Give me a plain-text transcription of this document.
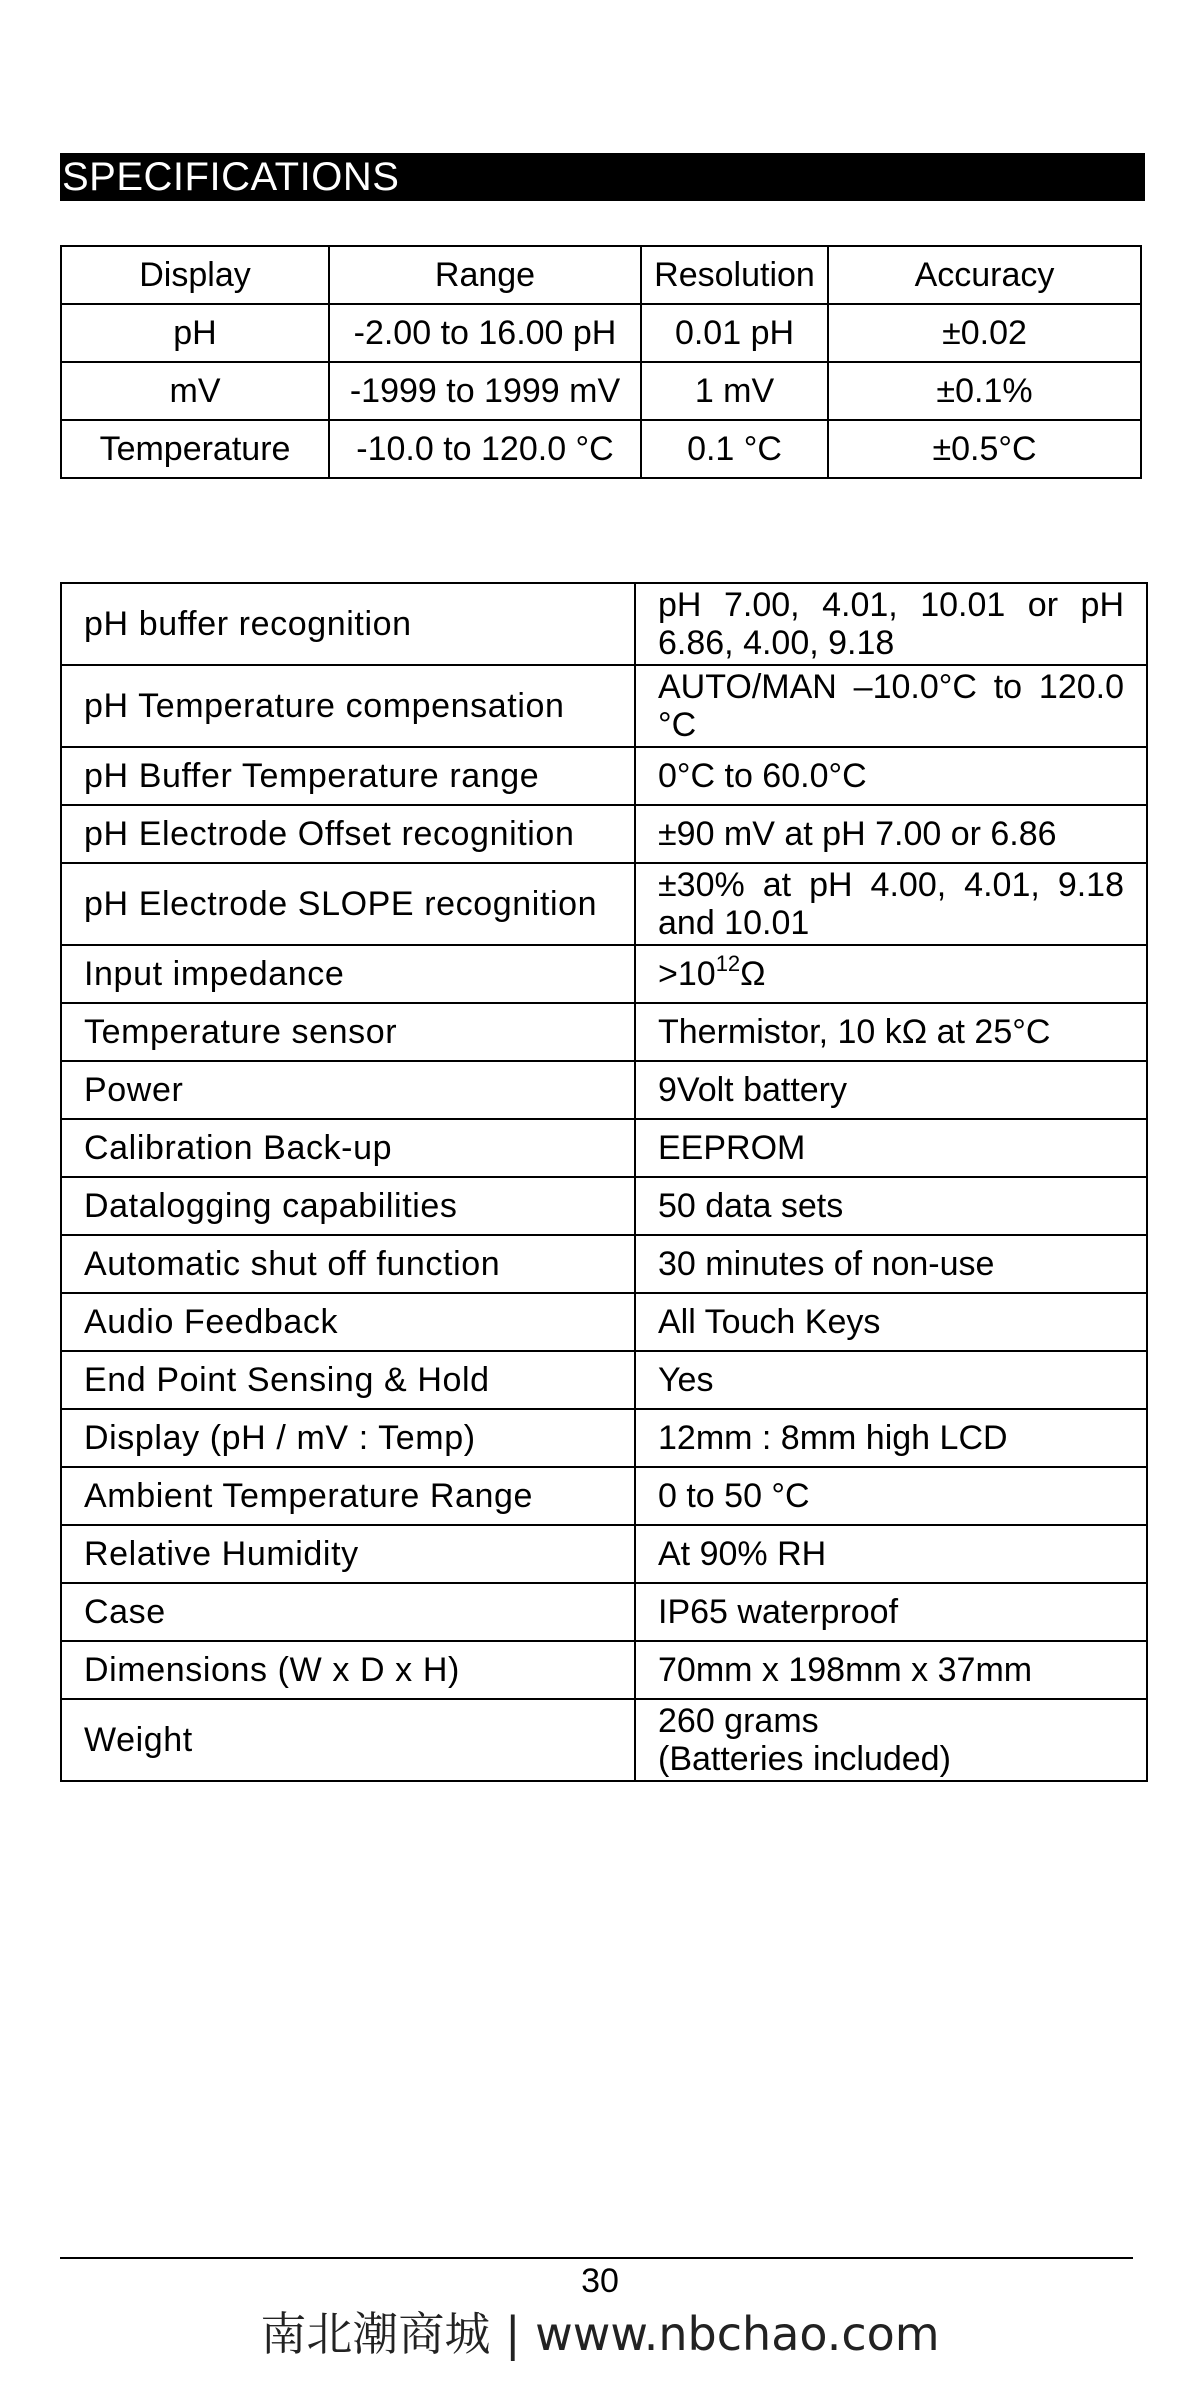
SPECIFICATIONS
Display	Range	Resolution	Accuracy
pH	-2.00 to 16.00 pH	0.01 pH	±0.02
mV	-1999 to 1999 mV	1 mV	±0.1%
Temperature	-10.0 to 120.0 °C	0.1 °C	±0.5°C
pH buffer recognition	pH 7.00, 4.01, 10.01 or pH 6.86, 4.00, 9.18
pH Temperature compensation	AUTO/MAN –10.0°C to 120.0 °C
pH Buffer Temperature range	0°C to 60.0°C
pH Electrode Offset recognition	±90 mV at pH 7.00 or 6.86
pH Electrode SLOPE recognition	±30% at pH 4.00, 4.01, 9.18 and 10.01
Input impedance	$>10^{12}\Omega$
Temperature sensor	Thermistor, 10 kΩ at 25°C
Power	9Volt battery
Calibration Back-up	EEPROM
Datalogging capabilities	50 data sets
Automatic shut off function	30 minutes of non-use
Audio Feedback	All Touch Keys
End Point Sensing & Hold	Yes
Display (pH / mV : Temp)	12mm : 8mm high LCD
Ambient Temperature Range	0 to 50 °C
Relative Humidity	At 90% RH
Case	IP65 waterproof
Dimensions (W x D x H)	70mm x 198mm x 37mm
Weight	260 grams
(Batteries included)
30
南北潮商城 | www.nbchao.com
